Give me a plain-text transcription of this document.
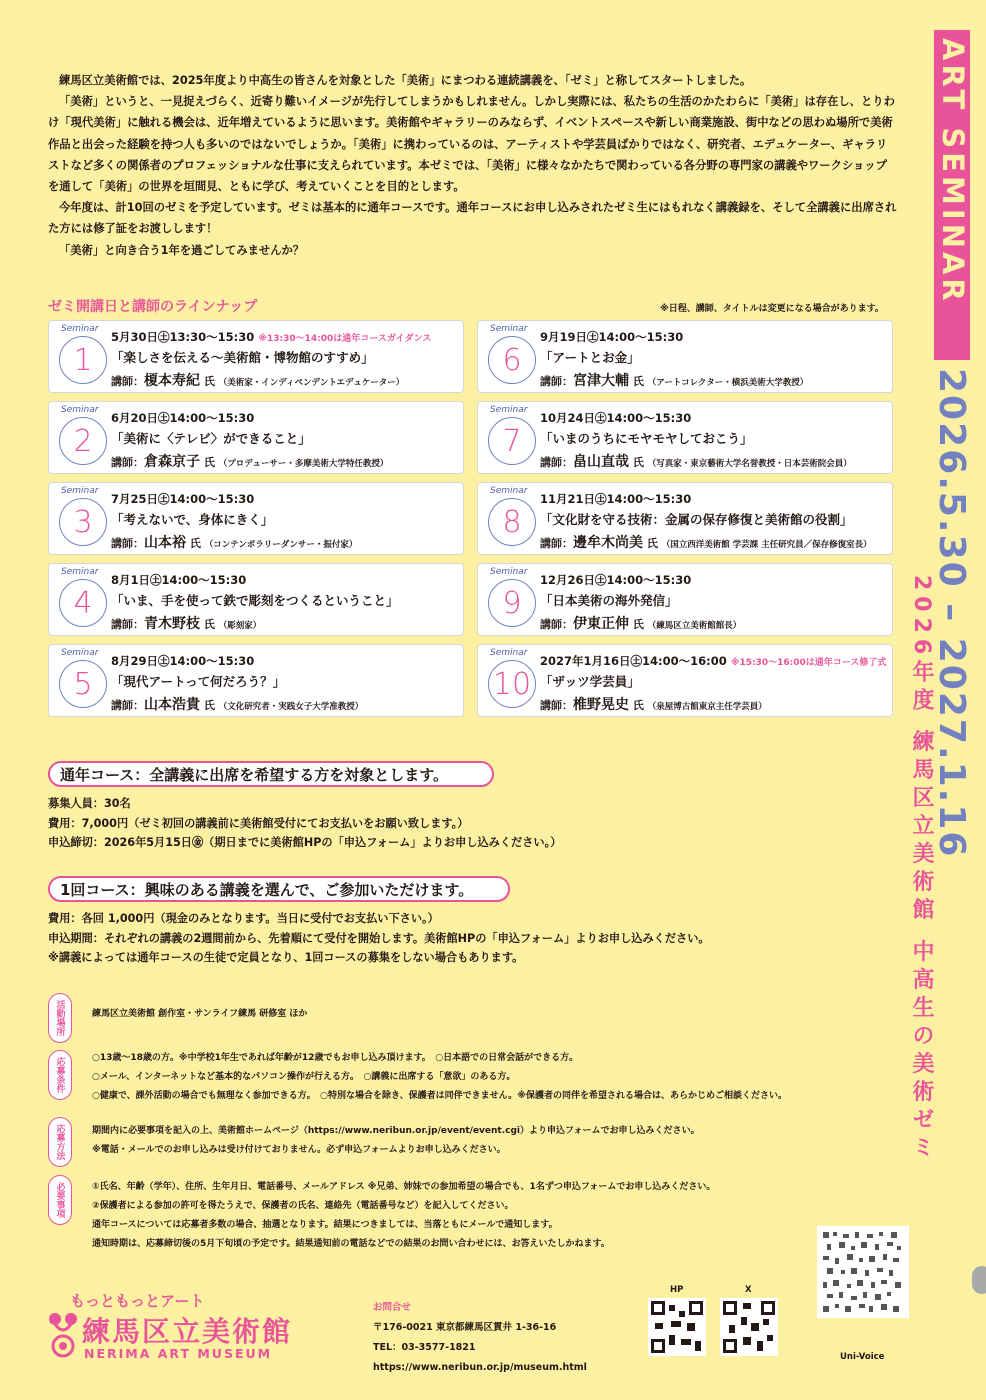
ART SEMINAR
2026.5.30 – 2027.1.16
2026年度 練馬区立美術館 中高生の美術ゼミ

練馬区立美術館では、2025年度より中高生の皆さんを対象とした「美術」にまつわる連続講義を、「ゼミ」と称してスタートしました。

「美術」というと、一見捉えづらく、近寄り難いイメージが先行してしまうかもしれません。しかし実際には、私たちの生活のかたわらに「美術」は存在し、とりわけ「現代美術」に触れる機会は、近年増えているように思います。美術館やギャラリーのみならず、イベントスペースや新しい商業施設、街中などの思わぬ場所で美術作品と出会った経験を持つ人も多いのではないでしょうか。「美術」に携わっているのは、アーティストや学芸員ばかりではなく、研究者、エデュケーター、ギャラリストなど多くの関係者のプロフェッショナルな仕事に支えられています。本ゼミでは、「美術」に様々なかたちで関わっている各分野の専門家の講義やワークショップを通して「美術」の世界を垣間見、ともに学び、考えていくことを目的とします。

今年度は、計10回のゼミを予定しています。ゼミは基本的に通年コースです。通年コースにお申し込みされたゼミ生にはもれなく講義録を、そして全講義に出席された方には修了証をお渡しします！

「美術」と向き合う1年を過ごしてみませんか？

ゼミ開講日と講師のラインナップ	※日程、講師、タイトルは変更になる場合があります。
Seminar
1
5月30日㊏13:30～15:30 ※13:30～14:00は通年コースガイダンス
「楽しさを伝える～美術館・博物館のすすめ」
講師：榎本寿紀 氏 （美術家・インディペンデントエデュケーター）
Seminar
2
6月20日㊏14:00～15:30
「美術に〈テレビ〉ができること」
講師：倉森京子 氏 （プロデューサー・多摩美術大学特任教授）
Seminar
3
7月25日㊏14:00～15:30
「考えないで、身体にきく」
講師：山本裕 氏 （コンテンポラリーダンサー・振付家）
Seminar
4
8月1日㊏14:00～15:30
「いま、手を使って鉄で彫刻をつくるということ」
講師：青木野枝 氏 （彫刻家）
Seminar
5
8月29日㊏14:00～15:30
「現代アートって何だろう？」
講師：山本浩貴 氏 （文化研究者・実践女子大学准教授）
Seminar
6
9月19日㊏14:00～15:30
「アートとお金」
講師：宮津大輔 氏 （アートコレクター・横浜美術大学教授）
Seminar
7
10月24日㊏14:00～15:30
「いまのうちにモヤモヤしておこう」
講師：畠山直哉 氏 （写真家・東京藝術大学名誉教授・日本芸術院会員）
Seminar
8
11月21日㊏14:00～15:30
「文化財を守る技術：金属の保存修復と美術館の役割」
講師：邊牟木尚美 氏 （国立西洋美術館 学芸課 主任研究員／保存修復室長）
Seminar
9
12月26日㊏14:00～15:30
「日本美術の海外発信」
講師：伊東正伸 氏 （練馬区立美術館館長）
Seminar
10
2027年1月16日㊏14:00～16:00 ※15:30～16:00は通年コース修了式
「ザッツ学芸員」
講師：椎野晃史 氏 （泉屋博古館東京主任学芸員）
通年コース：全講義に出席を希望する方を対象とします。

募集人員：30名

費用：7,000円（ゼミ初回の講義前に美術館受付にてお支払いをお願い致します。）

申込締切：2026年5月15日㊎（期日までに美術館HPの「申込フォーム」よりお申し込みください。）

1回コース：興味のある講義を選んで、ご参加いただけます。

費用：各回 1,000円（現金のみとなります。当日に受付でお支払い下さい。）

申込期間：それぞれの講義の2週間前から、先着順にて受付を開始します。美術館HPの「申込フォーム」よりお申し込みください。

※講義によっては通年コースの生徒で定員となり、1回コースの募集をしない場合もあります。

活動場所	練馬区立美術館 創作室・サンライフ練馬 研修室 ほか

応募条件	○13歳～18歳の方。※中学校1年生であれば年齢が12歳でもお申し込み頂けます。　○日本語での日常会話ができる方。

○メール、インターネットなど基本的なパソコン操作が行える方。　○講義に出席する「意欲」のある方。

○健康で、課外活動の場合でも無理なく参加できる方。　○特別な場合を除き、保護者は同伴できません。※保護者の同伴を希望される場合は、あらかじめご相談ください。

応募方法	期間内に必要事項を記入の上、美術館ホームページ（https://www.neribun.or.jp/event/event.cgi）より申込フォームでお申し込みください。

※電話・メールでのお申し込みは受け付けておりません。必ず申込フォームよりお申し込みください。

必要事項	①氏名、年齢（学年）、住所、生年月日、電話番号、メールアドレス ※兄弟、姉妹での参加希望の場合でも、1名ずつ申込フォームでお申し込みください。

②保護者による参加の許可を得たうえで、保護者の氏名、連絡先（電話番号など）を記入してください。

通年コースについては応募者多数の場合、抽選となります。結果につきましては、当落ともにメールで通知します。

通知時期は、応募締切後の5月下旬頃の予定です。結果通知前の電話などでの結果のお問い合わせには、お答えいたしかねます。

もっともっとアート
練馬区立美術館
NERIMA ART MUSEUM

お問合せ

〒176-0021 東京都練馬区貫井 1-36-16

TEL：03-3577-1821

https://www.neribun.or.jp/museum.html

HP	X
Uni-Voice
